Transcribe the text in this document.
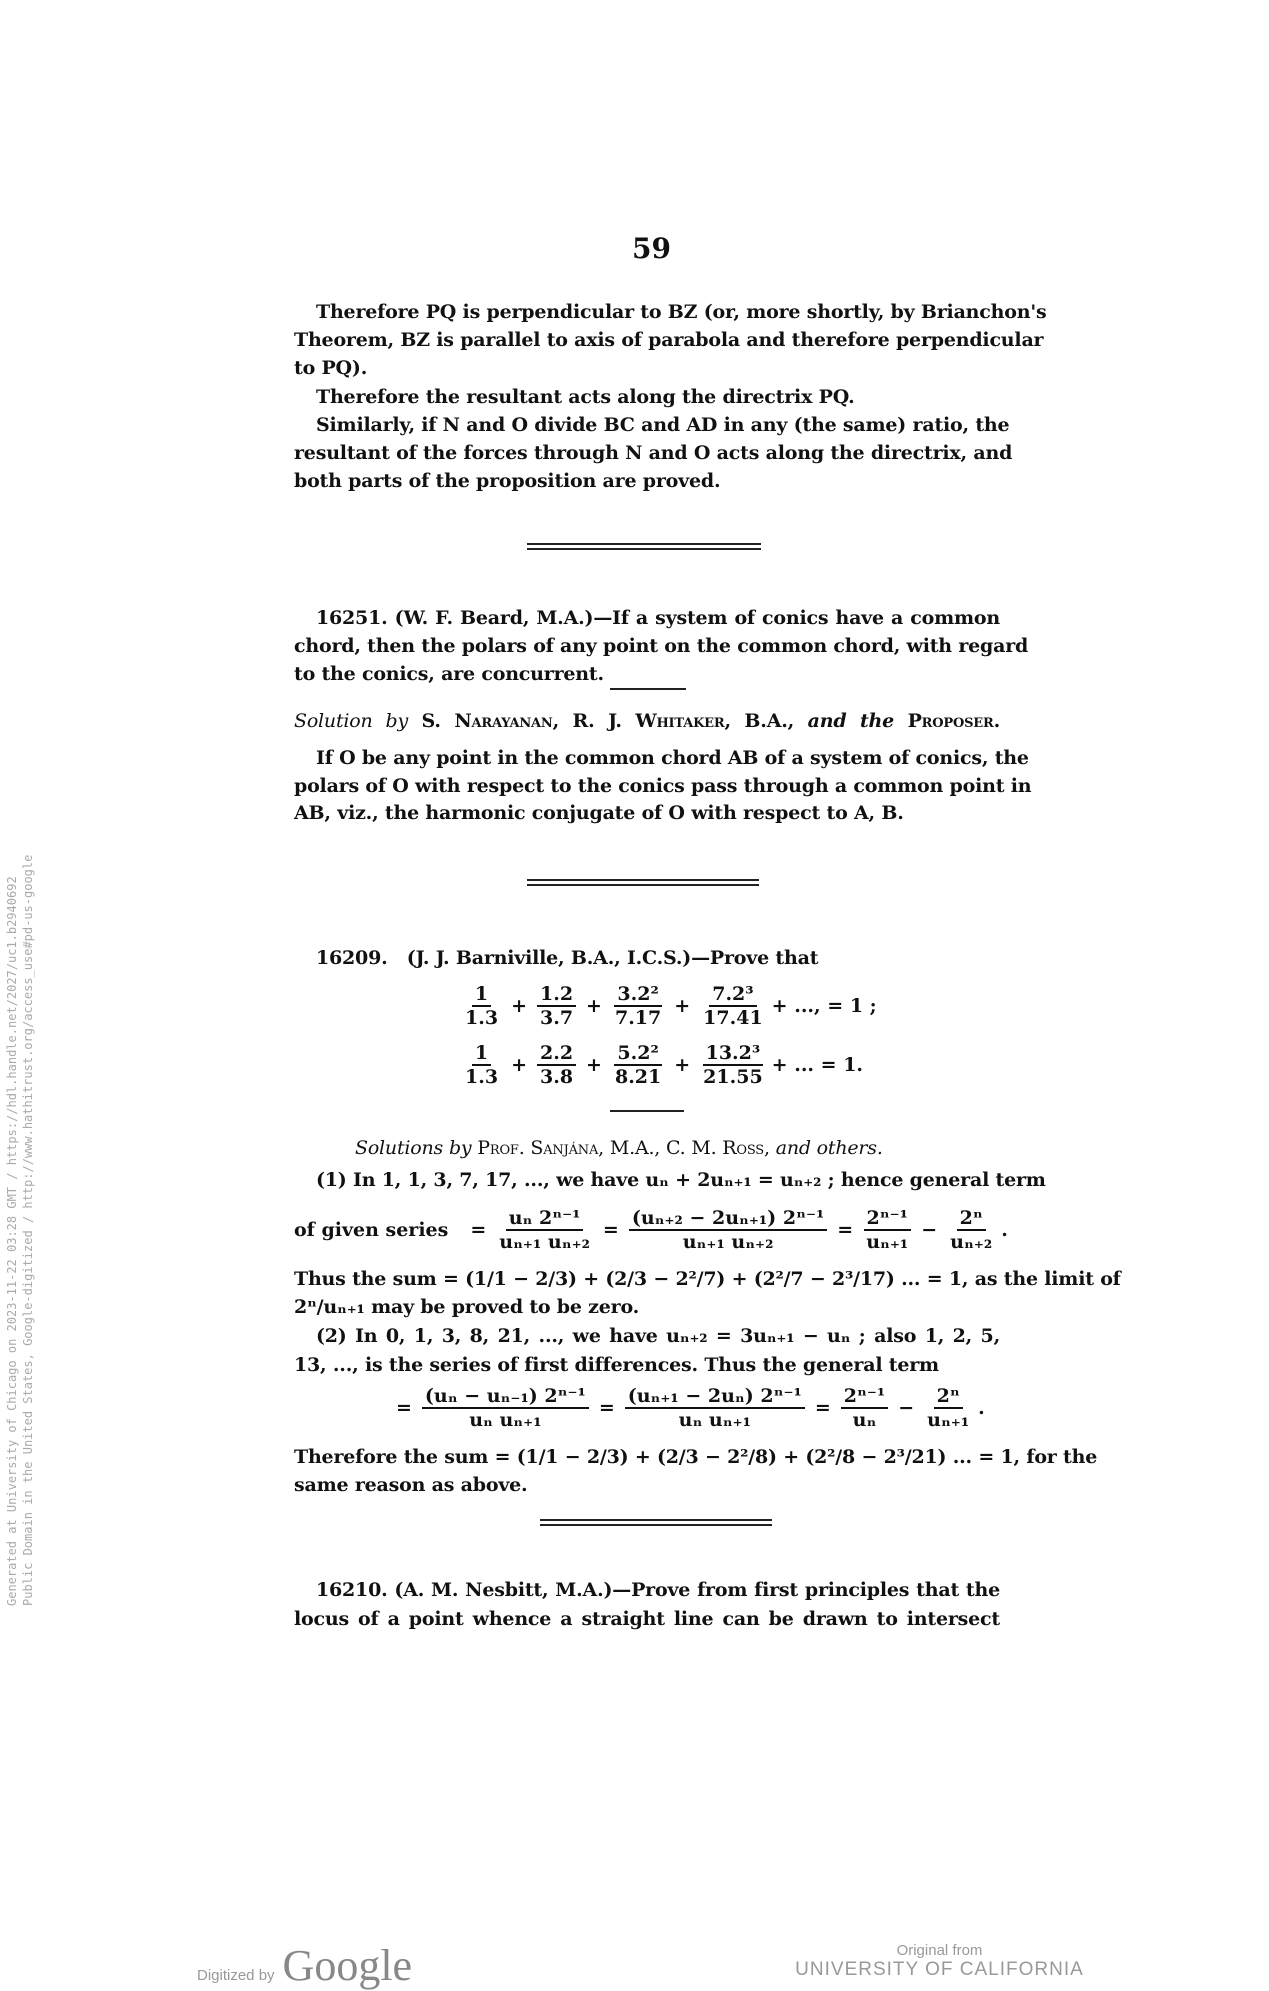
59
Therefore PQ is perpendicular to BZ (or, more shortly, by Brianchon's
Theorem, BZ is parallel to axis of parabola and therefore perpendicular
to PQ).
Therefore the resultant acts along the directrix PQ.
Similarly, if N and O divide BC and AD in any (the same) ratio, the
resultant of the forces through N and O acts along the directrix, and
both parts of the proposition are proved.
16251. (W. F. Beard, M.A.)—If a system of conics have a common
chord, then the polars of any point on the common chord, with regard
to the conics, are concurrent.
Solution by S. Narayanan, R. J. Whitaker, B.A., and the Proposer.
If O be any point in the common chord AB of a system of conics, the
polars of O with respect to the conics pass through a common point in
AB, viz., the harmonic conjugate of O with respect to A, B.
16209. (J. J. Barniville, B.A., I.C.S.)—Prove that
$\frac{1}{1.3} + \frac{1.2}{3.7} + \frac{\text{3.2²}}{7.17} + \frac{\text{7.2³}}{17.41}$ + ..., = 1 ;
$\frac{1}{1.3} + \frac{2.2}{3.8} + \frac{\text{5.2²}}{8.21} + \frac{\text{13.2³}}{21.55}$ + ... = 1.
Solutions by Prof. Sanjána, M.A., C. M. Ross, and others.
(1) In 1, 1, 3, 7, 17, ..., we have uₙ + 2uₙ₊₁ = uₙ₊₂ ; hence general term
of given series = $\frac{\text{uₙ 2ⁿ⁻¹}}{\text{uₙ₊₁ uₙ₊₂}} = \frac{\text{(uₙ₊₂ − 2uₙ₊₁) 2ⁿ⁻¹}}{\text{uₙ₊₁ uₙ₊₂}} = \frac{\text{2ⁿ⁻¹}}{\text{uₙ₊₁}} - \frac{\text{2ⁿ}}{\text{uₙ₊₂}}$ .
Thus the sum = (1/1 − 2/3) + (2/3 − 2²/7) + (2²/7 − 2³/17) ... = 1, as the limit of
2ⁿ/uₙ₊₁ may be proved to be zero.
(2) In 0, 1, 3, 8, 21, ..., we have uₙ₊₂ = 3uₙ₊₁ − uₙ ; also 1, 2, 5,
13, ..., is the series of first differences. Thus the general term
= $\frac{\text{(uₙ − uₙ₋₁) 2ⁿ⁻¹}}{\text{uₙ uₙ₊₁}} = \frac{\text{(uₙ₊₁ − 2uₙ) 2ⁿ⁻¹}}{\text{uₙ uₙ₊₁}} = \frac{\text{2ⁿ⁻¹}}{\text{uₙ}} - \frac{\text{2ⁿ}}{\text{uₙ₊₁}}$ .
Therefore the sum = (1/1 − 2/3) + (2/3 − 2²/8) + (2²/8 − 2³/21) ... = 1, for the
same reason as above.
16210. (A. M. Nesbitt, M.A.)—Prove from first principles that the
locus of a point whence a straight line can be drawn to intersect
Generated at University of Chicago on 2023-11-22 03:28 GMT / https://hdl.handle.net/2027/uc1.b2940692 Public Domain in the United States, Google-digitized / http://www.hathitrust.org/access_use#pd-us-google
Digitized by Google	Original from
UNIVERSITY OF CALIFORNIA
